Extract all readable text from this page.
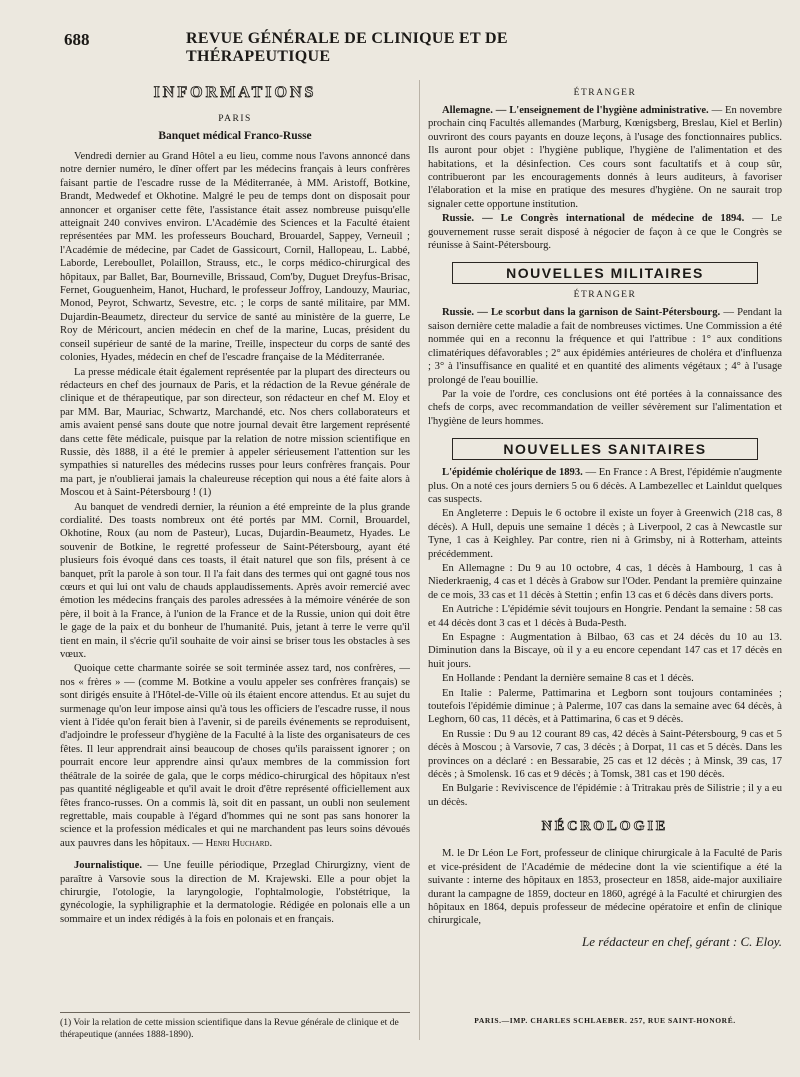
688	REVUE GÉNÉRALE DE CLINIQUE ET DE THÉRAPEUTIQUE
INFORMATIONS
PARIS
Banquet médical Franco-Russe

Vendredi dernier au Grand Hôtel a eu lieu, comme nous l'avons annoncé dans notre dernier numéro, le dîner offert par les médecins français à leurs confrères faisant partie de l'escadre russe de la Méditerranée, à MM. Aristoff, Botkine, Brandt, Medwedef et Okhotine. Malgré le peu de temps dont on disposait pour annoncer et organiser cette fête, l'assistance était assez nombreuse puisqu'elle atteignait 240 convives environ. L'Académie des Sciences et la Faculté étaient représentées par MM. les professeurs Bouchard, Brouardel, Sappey, Verneuil ; l'Académie de médecine, par Cadet de Gassicourt, Cornil, Hallopeau, L. Labbé, Laborde, Lereboullet, Polaillon, Strauss, etc., le corps médico-chirurgical des hôpitaux, par Ballet, Bar, Bourneville, Brissaud, Com'by, Duguet Dreyfus-Brisac, Fernet, Gouguenheim, Hanot, Huchard, le professeur Joffroy, Landouzy, Mauriac, Monod, Peyrot, Schwartz, Sevestre, etc. ; le corps de santé militaire, par MM. Dujardin-Beaumetz, directeur du service de santé au ministère de la guerre, Le Roy de Méricourt, ancien médecin en chef de la marine, Lucas, président du conseil supérieur de santé de la marine, Treille, inspecteur du corps de santé des colonies, Hyades, médecin en chef de l'escadre française de la Méditerranée.

La presse médicale était également représentée par la plupart des directeurs ou rédacteurs en chef des journaux de Paris, et la rédaction de la Revue générale de clinique et de thérapeutique, par son directeur, son rédacteur en chef M. Eloy et par MM. Bar, Mauriac, Schwartz, Marchandé, etc. Nos chers collaborateurs et amis avaient pensé sans doute que notre journal devait être largement représenté dans cette fête médicale, puisque par la relation de notre mission scientifique en Russie, dès 1888, il a été le premier à appeler sérieusement l'attention sur les sympathies si naturelles des médecins russes pour leurs confrères français. Pour ma part, je n'oublierai jamais la chaleureuse réception qui nous a été faite alors à Moscou et à Saint-Pétersbourg ! (1)

Au banquet de vendredi dernier, la réunion a été empreinte de la plus grande cordialité. Des toasts nombreux ont été portés par MM. Cornil, Brouardel, Okhotine, Roux (au nom de Pasteur), Lucas, Dujardin-Beaumetz, Hyades. Le souvenir de Botkine, le regretté professeur de Saint-Pétersbourg, ayant été plusieurs fois évoqué dans ces toasts, il était naturel que son fils, présent à ce banquet, prît la parole à son tour. Il l'a fait dans des termes qui ont gagné tous nos cœurs et qui lui ont valu de chauds applaudissements. Après avoir remercié avec émotion les médecins français des paroles adressées à la mémoire vénérée de son père, il boit à la France, à l'union de la France et de la Russie, union qui doit être le gage de la paix et du bonheur de l'humanité. Puis, jetant à terre le verre qu'il tient en main, il s'écrie qu'il souhaite de voir ainsi se briser tous les obstacles à ses vœux.

Quoique cette charmante soirée se soit terminée assez tard, nos confrères, — nos « frères » — (comme M. Botkine a voulu appeler ses confrères français) se sont dirigés ensuite à l'Hôtel-de-Ville où ils étaient encore attendus. Et au sujet du surmenage qu'on leur impose ainsi qu'à tous les officiers de l'escadre russe, il nous vient à l'idée qu'on ferait bien à l'avenir, si de pareils événements se reproduisent, d'adjoindre le professeur d'hygiène de la Faculté à la liste des organisateurs de ces fêtes. Il leur apprendrait ainsi beaucoup de choses qu'ils paraissent ignorer ; on pourrait encore leur apprendre ainsi qu'aux membres de la commission fort théâtrale de la soirée de gala, que le corps médico-chirurgical des hôpitaux n'est pas quantité négligeable et qu'il avait le droit d'être représenté officiellement aux fêtes franco-russes. On a commis là, soit dit en passant, un oubli non seulement regrettable, mais coupable à l'égard d'hommes qui ne sont pas sans honorer la science et la profession médicales et qui ne marchandent pas leurs soins dévoués aux pauvres dans les hôpitaux. — Henri Huchard.

Journalistique. — Une feuille périodique, Przeglad Chirurgizny, vient de paraître à Varsovie sous la direction de M. Krajewski. Elle a pour objet la chirurgie, l'otologie, la laryngologie, l'ophtalmologie, l'obstétrique, la gynécologie, la syphiligraphie et la dermatologie. Rédigée en polonais elle a un sommaire et un index rédigés à la fois en polonais et en français.

(1) Voir la relation de cette mission scientifique dans la Revue générale de clinique et de thérapeutique (années 1888-1890).
ÉTRANGER

Allemagne. — L'enseignement de l'hygiène administrative. — En novembre prochain cinq Facultés allemandes (Marburg, Kœnigsberg, Breslau, Kiel et Berlin) ouvriront des cours payants en douze leçons, à l'usage des fonctionnaires publics. Ils auront pour objet : l'hygiène publique, l'hygiène de l'alimentation et des habitations, et la désinfection. Ces cours sont facultatifs et à coup sûr, contribueront par les encouragements donnés à leurs auditeurs, à favoriser l'élaboration et la mise en pratique des mesures d'hygiène. On ne saurait trop signaler cette opportune institution.

Russie. — Le Congrès international de médecine de 1894. — Le gouvernement russe serait disposé à négocier de façon à ce que le Congrès se réunisse à Saint-Pétersbourg.

NOUVELLES MILITAIRES
ÉTRANGER

Russie. — Le scorbut dans la garnison de Saint-Pétersbourg. — Pendant la saison dernière cette maladie a fait de nombreuses victimes. Une Commission a été nommée qui en a reconnu la fréquence et qui l'attribue : 1° aux conditions climatériques défavorables ; 2° aux épidémies antérieures de choléra et d'influenza ; 3° à l'insuffisance en qualité et en quantité des aliments végétaux ; 4° à l'usage prolongé de l'eau bouillie.

Par la voie de l'ordre, ces conclusions ont été portées à la connaissance des chefs de corps, avec recommandation de veiller sévèrement sur l'alimentation et l'hygiène de leurs hommes.

NOUVELLES SANITAIRES

L'épidémie cholérique de 1893. — En France : A Brest, l'épidémie n'augmente plus. On a noté ces jours derniers 5 ou 6 décès. A Lambezellec et Lainldut quelques cas suspects.

En Angleterre : Depuis le 6 octobre il existe un foyer à Greenwich (218 cas, 8 décès). A Hull, depuis une semaine 1 décès ; à Liverpool, 2 cas à Newcastle sur Tyne, 1 cas à Keighley. Par contre, rien ni à Grimsby, ni à Rotterham, atteints précédemment.

En Allemagne : Du 9 au 10 octobre, 4 cas, 1 décès à Hambourg, 1 cas à Niederkraenig, 4 cas et 1 décès à Grabow sur l'Oder. Pendant la première quinzaine de ce mois, 33 cas et 11 décès à Stettin ; enfin 13 cas et 6 décès dans divers ports.

En Autriche : L'épidémie sévit toujours en Hongrie. Pendant la semaine : 58 cas et 44 décès dont 3 cas et 1 décès à Buda-Pesth.

En Espagne : Augmentation à Bilbao, 63 cas et 24 décès du 10 au 13. Diminution dans la Biscaye, où il y a eu encore cependant 147 cas et 17 décès en huit jours.

En Hollande : Pendant la dernière semaine 8 cas et 1 décès.

En Italie : Palerme, Pattimarina et Legborn sont toujours contaminées ; toutefois l'épidémie diminue ; à Palerme, 107 cas dans la semaine avec 64 décès, à Leghorn, 60 cas, 11 décès, et à Pattimarina, 6 cas et 9 décès.

En Russie : Du 9 au 12 courant 89 cas, 42 décès à Saint-Pétersbourg, 9 cas et 5 décès à Moscou ; à Varsovie, 7 cas, 3 décès ; à Dorpat, 11 cas et 5 décès. Dans les provinces on a déclaré : en Bessarabie, 25 cas et 12 décès ; à Minsk, 39 cas, 17 décès ; à Smolensk. 16 cas et 9 décès ; à Tomsk, 381 cas et 190 décès.

En Bulgarie : Reviviscence de l'épidémie : à Tritrakau près de Silistrie ; il y a eu un décès.

NÉCROLOGIE

M. le Dr Léon Le Fort, professeur de clinique chirurgicale à la Faculté de Paris et vice-président de l'Académie de médecine dont la vie scientifique a été la suivante : interne des hôpitaux en 1853, prosecteur en 1858, aide-major auxiliaire durant la campagne de 1859, docteur en 1860, agrégé à la Faculté et chirurgien des hôpitaux en 1864, depuis professeur de médecine opératoire et enfin de clinique chirurgicale,

Le rédacteur en chef, gérant : C. Eloy.
PARIS.—IMP. CHARLES SCHLAEBER. 257, RUE SAINT-HONORÉ.
